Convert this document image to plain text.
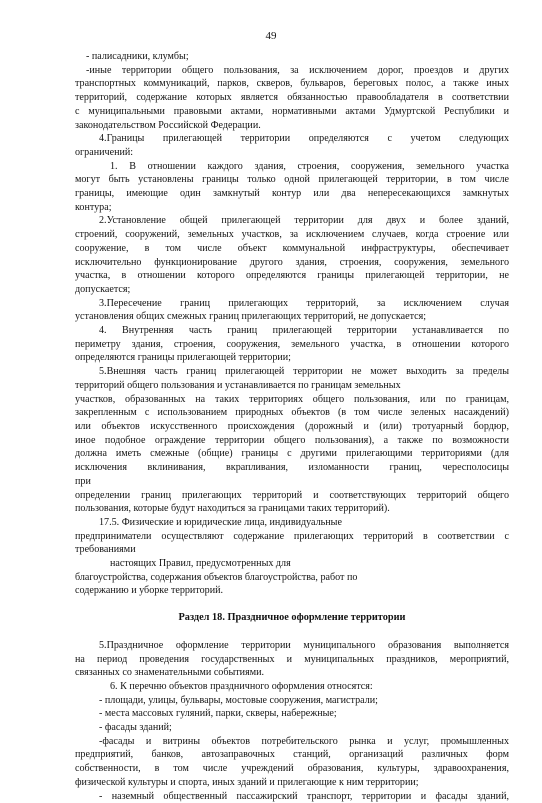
49
- палисадники, клумбы;
-иные территории общего пользования, за исключением дорог, проездов и других
транспортных коммуникаций, парков, скверов, бульваров, береговых полос, а также иных
территорий, содержание которых является обязанностью правообладателя в соответствии
с муниципальными правовыми актами, нормативными актами Удмуртской Республики и
законодательством Российской Федерации.
4.Границы прилегающей территории определяются с учетом следующих
ограничений:
1. В отношении каждого здания, строения, сооружения, земельного участка
могут быть установлены границы только одной прилегающей территории, в том числе
границы, имеющие один замкнутый контур или два непересекающихся замкнутых
контура;
2.Установление общей прилегающей территории для двух и более зданий,
строений, сооружений, земельных участков, за исключением случаев, когда строение или
сооружение, в том числе объект коммунальной инфраструктуры, обеспечивает
исключительно функционирование другого здания, строения, сооружения, земельного
участка, в отношении которого определяются границы прилегающей территории, не
допускается;
3.Пересечение границ прилегающих территорий, за исключением случая
установления общих смежных границ прилегающих территорий, не допускается;
4. Внутренняя часть границ прилегающей территории устанавливается по
периметру здания, строения, сооружения, земельного участка, в отношении которого
определяются границы прилегающей территории;
5.Внешняя часть границ прилегающей территории не может выходить за пределы
территорий общего пользования и устанавливается по границам земельных
участков, образованных на таких территориях общего пользования, или по границам,
закрепленным с использованием природных объектов (в том числе зеленых насаждений)
или объектов искусственного происхождения (дорожный и (или) тротуарный бордюр,
иное подобное ограждение территории общего пользования), а также по возможности
должна иметь смежные (общие) границы с другими прилегающими территориями (для
исключения вклинивания, вкрапливания, изломанности границ, чересполосицы
при
определении границ прилегающих территорий и соответствующих территорий общего
пользования, которые будут находиться за границами таких территорий).
17.5. Физические и юридические лица, индивидуальные
предприниматели осуществляют содержание прилегающих территорий в соответствии с
требованиями
настоящих Правил, предусмотренных для
благоустройства, содержания объектов благоустройства, работ по
содержанию и уборке территорий.
Раздел 18. Праздничное оформление территории
5.Праздничное оформление территории муниципального образования выполняется
на период проведения государственных и муниципальных праздников, мероприятий,
связанных со знаменательными событиями.
6. К перечню объектов праздничного оформления относятся:
- площади, улицы, бульвары, мостовые сооружения, магистрали;
- места массовых гуляний, парки, скверы, набережные;
- фасады зданий;
-фасады и витрины объектов потребительского рынка и услуг, промышленных
предприятий, банков, автозаправочных станций, организаций различных форм
собственности, в том числе учреждений образования, культуры, здравоохранения,
физической культуры и спорта, иных зданий и прилегающие к ним территории;
- наземный общественный пассажирский транспорт, территории и фасады зданий,
